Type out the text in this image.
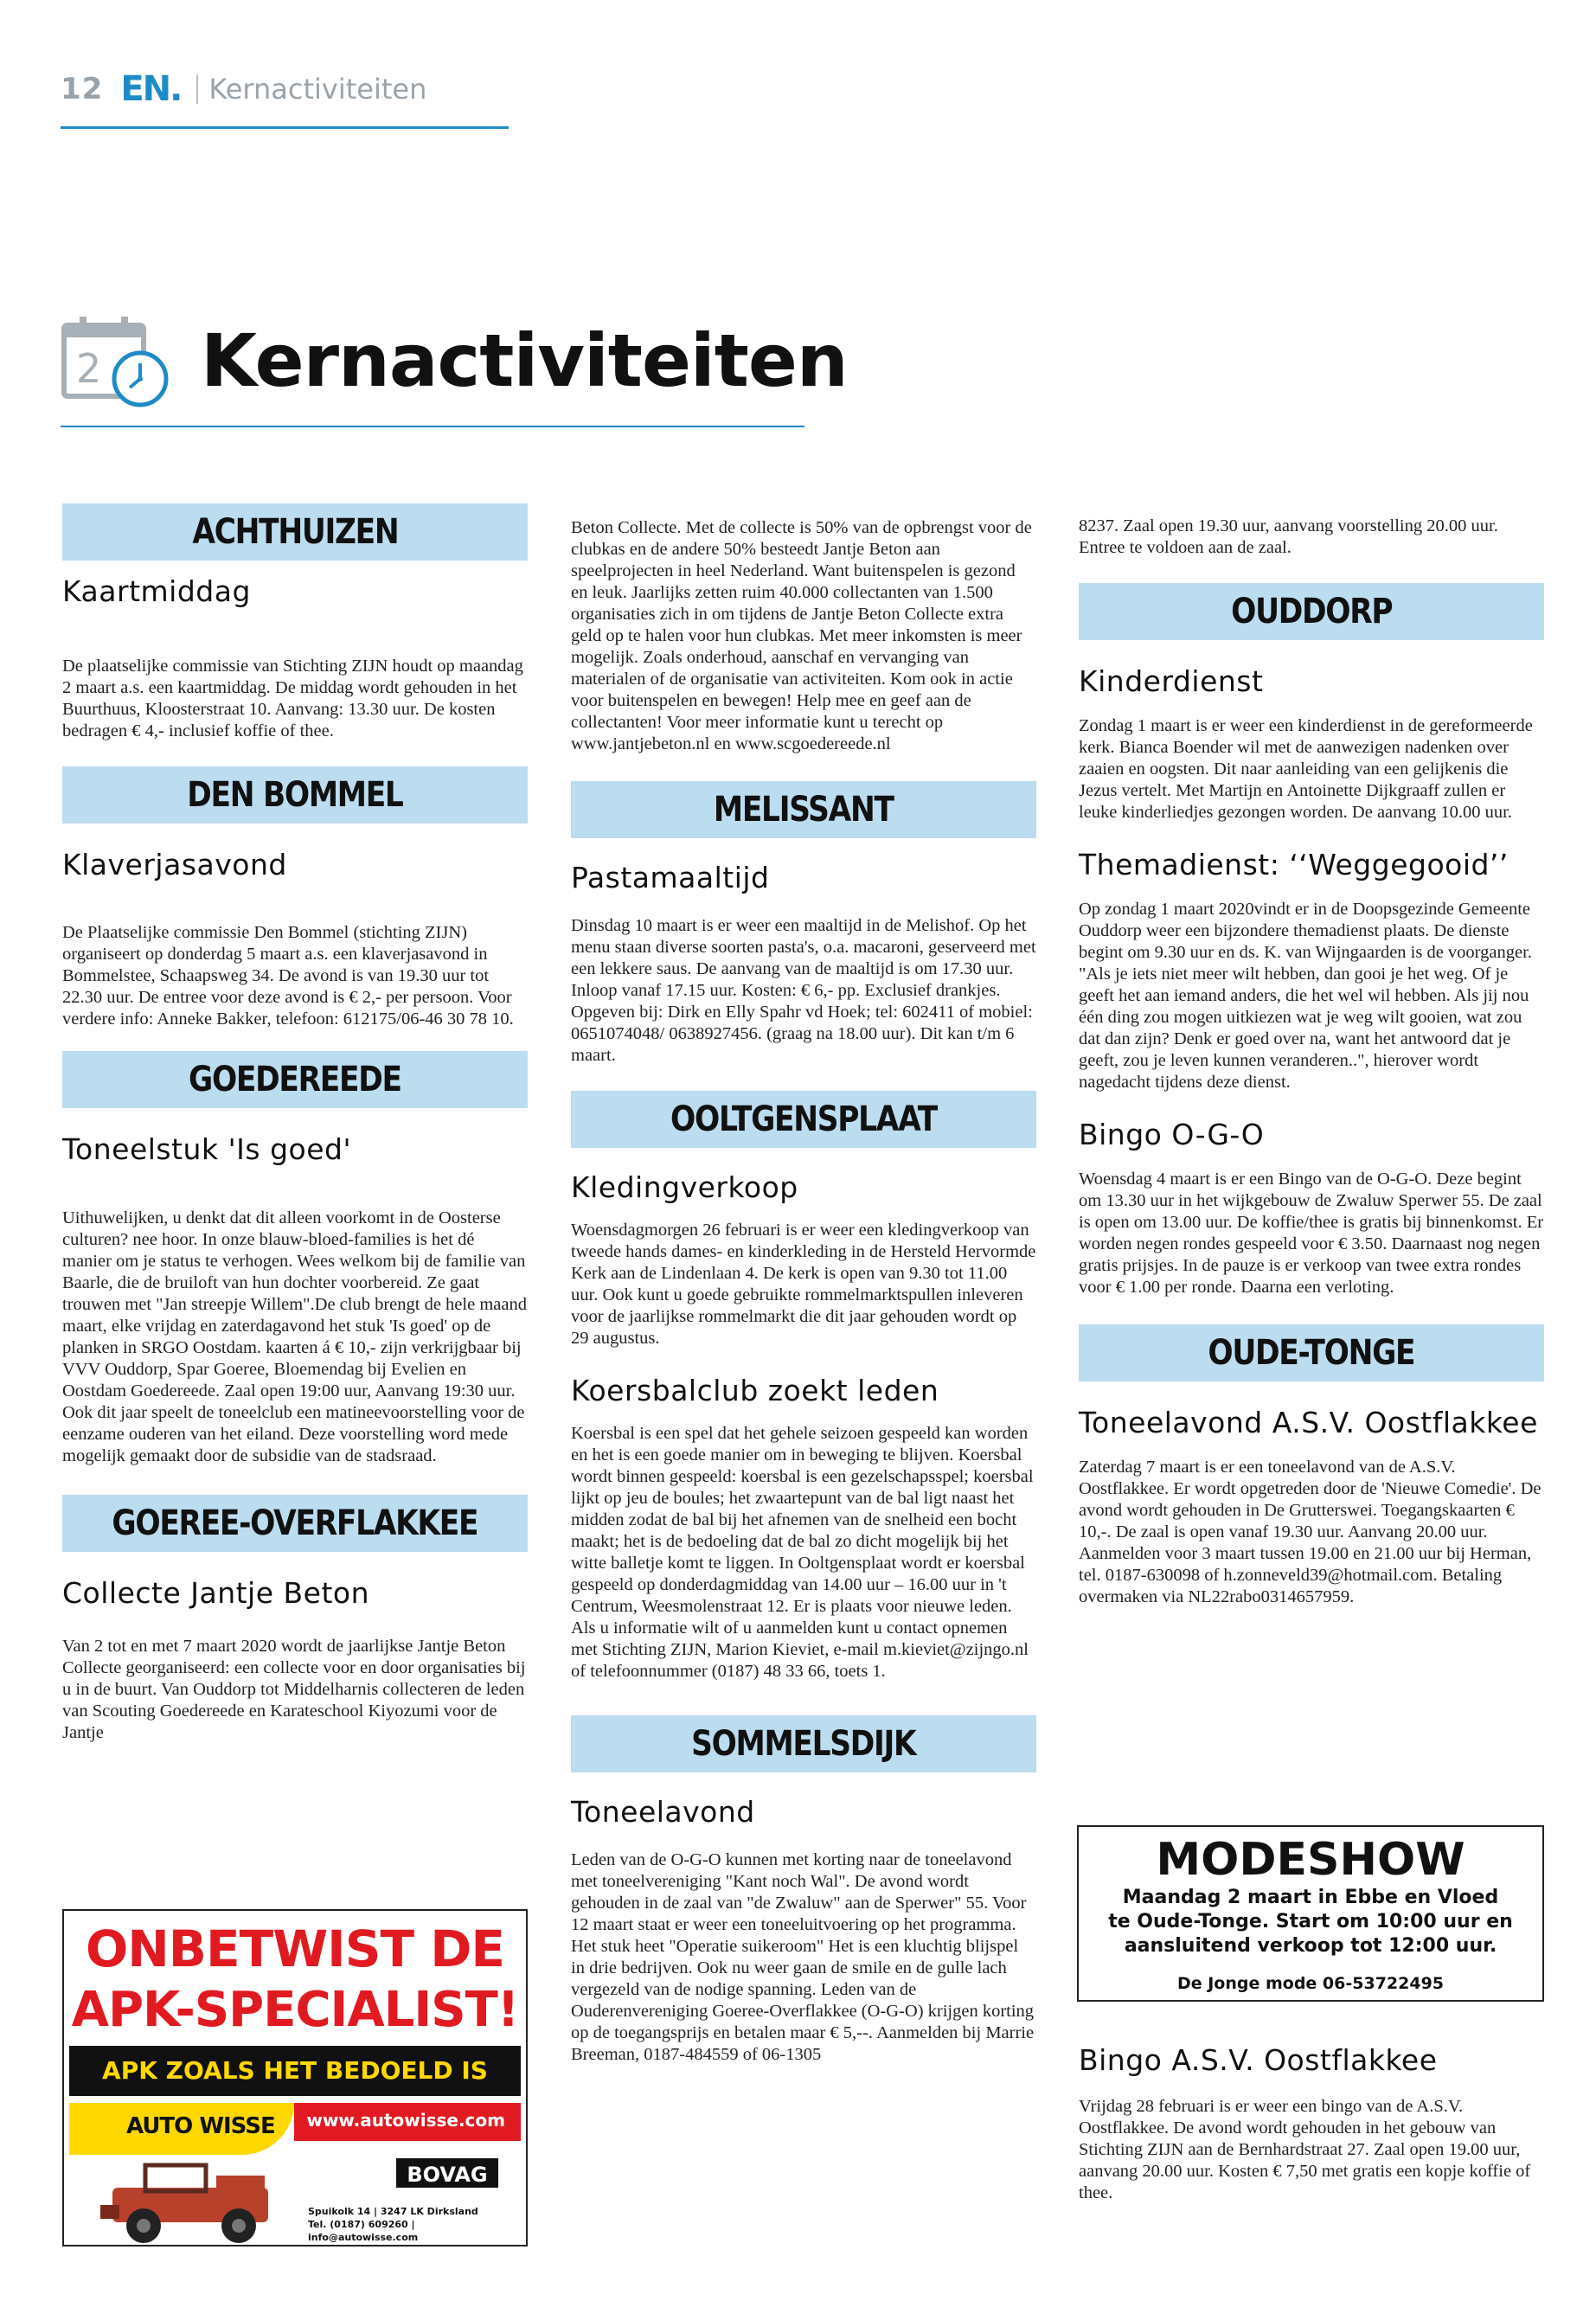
12 EN. Kernactiviteiten
2 Kernactiviteiten
ACHTHUIZEN
Kaartmiddag

De plaatselijke commissie van Stichting ZIJN houdt op maandag 2 maart a.s. een kaartmiddag. De middag wordt gehouden in het Buurthuus, Kloosterstraat 10. Aanvang: 13.30 uur. De kosten bedragen € 4,- inclusief koffie of thee.

DEN BOMMEL
Klaverjasavond

De Plaatselijke commissie Den Bommel (stichting ZIJN) organiseert op donderdag 5 maart a.s. een klaverjasavond in Bommelstee, Schaapsweg 34. De avond is van 19.30 uur tot 22.30 uur. De entree voor deze avond is € 2,- per persoon. Voor verdere info: Anneke Bakker, telefoon: 612175/06-46 30 78 10.

GOEDEREEDE
Toneelstuk 'Is goed'

Uithuwelijken, u denkt dat dit alleen voorkomt in de Oosterse culturen? nee hoor. In onze blauw-bloed-families is het dé manier om je status te verhogen. Wees welkom bij de familie van Baarle, die de bruiloft van hun dochter voorbereid. Ze gaat trouwen met "Jan streepje Willem".De club brengt de hele maand maart, elke vrijdag en zaterdagavond het stuk 'Is goed' op de planken in SRGO Oostdam. kaarten á € 10,- zijn verkrijgbaar bij VVV Ouddorp, Spar Goeree, Bloemendag bij Evelien en Oostdam Goedereede. Zaal open 19:00 uur, Aanvang 19:30 uur. Ook dit jaar speelt de toneelclub een matineevoorstelling voor de eenzame ouderen van het eiland. Deze voorstelling word mede mogelijk gemaakt door de subsidie van de stadsraad.

GOEREE-OVERFLAKKEE
Collecte Jantje Beton

Van 2 tot en met 7 maart 2020 wordt de jaarlijkse Jantje Beton Collecte georganiseerd: een collecte voor en door organisaties bij u in de buurt. Van Ouddorp tot Middelharnis collecteren de leden van Scouting Goedereede en Karateschool Kiyozumi voor de Jantje

Beton Collecte. Met de collecte is 50% van de opbrengst voor de clubkas en de andere 50% besteedt Jantje Beton aan speelprojecten in heel Nederland. Want buitenspelen is gezond en leuk. Jaarlijks zetten ruim 40.000 collectanten van 1.500 organisaties zich in om tijdens de Jantje Beton Collecte extra geld op te halen voor hun clubkas. Met meer inkomsten is meer mogelijk. Zoals onderhoud, aanschaf en vervanging van materialen of de organisatie van activiteiten. Kom ook in actie voor buitenspelen en bewegen! Help mee en geef aan de collectanten! Voor meer informatie kunt u terecht op www.jantjebeton.nl en www.scgoedereede.nl

MELISSANT
Pastamaaltijd

Dinsdag 10 maart is er weer een maaltijd in de Melishof. Op het menu staan diverse soorten pasta's, o.a. macaroni, geserveerd met een lekkere saus. De aanvang van de maaltijd is om 17.30 uur. Inloop vanaf 17.15 uur. Kosten: € 6,- pp. Exclusief drankjes. Opgeven bij: Dirk en Elly Spahr vd Hoek; tel: 602411 of mobiel: 0651074048/ 0638927456. (graag na 18.00 uur). Dit kan t/m 6 maart.

OOLTGENSPLAAT
Kledingverkoop

Woensdagmorgen 26 februari is er weer een kledingverkoop van tweede hands dames- en kinderkleding in de Hersteld Hervormde Kerk aan de Lindenlaan 4. De kerk is open van 9.30 tot 11.00 uur. Ook kunt u goede gebruikte rommelmarktspullen inleveren voor de jaarlijkse rommelmarkt die dit jaar gehouden wordt op 29 augustus.

Koersbalclub zoekt leden

Koersbal is een spel dat het gehele seizoen gespeeld kan worden en het is een goede manier om in beweging te blijven. Koersbal wordt binnen gespeeld: koersbal is een gezelschapsspel; koersbal lijkt op jeu de boules; het zwaartepunt van de bal ligt naast het midden zodat de bal bij het afnemen van de snelheid een bocht maakt; het is de bedoeling dat de bal zo dicht mogelijk bij het witte balletje komt te liggen. In Ooltgensplaat wordt er koersbal gespeeld op donderdagmiddag van 14.00 uur – 16.00 uur in 't Centrum, Weesmolenstraat 12. Er is plaats voor nieuwe leden. Als u informatie wilt of u aanmelden kunt u contact opnemen met Stichting ZIJN, Marion Kieviet, e-mail m.kieviet@zijngo.nl of telefoonnummer (0187) 48 33 66, toets 1.

SOMMELSDIJK
Toneelavond

Leden van de O-G-O kunnen met korting naar de toneelavond met toneelvereniging "Kant noch Wal". De avond wordt gehouden in de zaal van "de Zwaluw" aan de Sperwer" 55. Voor 12 maart staat er weer een toneeluitvoering op het programma. Het stuk heet "Operatie suikeroom" Het is een kluchtig blijspel in drie bedrijven. Ook nu weer gaan de smile en de gulle lach vergezeld van de nodige spanning. Leden van de Ouderenvereniging Goeree-Overflakkee (O-G-O) krijgen korting op de toegangsprijs en betalen maar € 5,--. Aanmelden bij Marrie Breeman, 0187-484559 of 06-1305

8237. Zaal open 19.30 uur, aanvang voorstelling 20.00 uur. Entree te voldoen aan de zaal.

OUDDORP
Kinderdienst

Zondag 1 maart is er weer een kinderdienst in de gereformeerde kerk. Bianca Boender wil met de aanwezigen nadenken over zaaien en oogsten. Dit naar aanleiding van een gelijkenis die Jezus vertelt. Met Martijn en Antoinette Dijkgraaff zullen er leuke kinderliedjes gezongen worden. De aanvang 10.00 uur.

Themadienst: ‘‘Weggegooid’’

Op zondag 1 maart 2020vindt er in de Doopsgezinde Gemeente Ouddorp weer een bijzondere themadienst plaats. De dienste begint om 9.30 uur en ds. K. van Wijngaarden is de voorganger. "Als je iets niet meer wilt hebben, dan gooi je het weg. Of je geeft het aan iemand anders, die het wel wil hebben. Als jij nou één ding zou mogen uitkiezen wat je weg wilt gooien, wat zou dat dan zijn? Denk er goed over na, want het antwoord dat je geeft, zou je leven kunnen veranderen..", hierover wordt nagedacht tijdens deze dienst.

Bingo O-G-O

Woensdag 4 maart is er een Bingo van de O-G-O. Deze begint om 13.30 uur in het wijkgebouw de Zwaluw Sperwer 55. De zaal is open om 13.00 uur. De koffie/thee is gratis bij binnenkomst. Er worden negen rondes gespeeld voor € 3.50. Daarnaast nog negen gratis prijsjes. In de pauze is er verkoop van twee extra rondes voor € 1.00 per ronde. Daarna een verloting.

OUDE-TONGE
Toneelavond A.S.V. Oostflakkee

Zaterdag 7 maart is er een toneelavond van de A.S.V. Oostflakkee. Er wordt opgetreden door de 'Nieuwe Comedie'. De avond wordt gehouden in De Grutterswei. Toegangskaarten € 10,-. De zaal is open vanaf 19.30 uur. Aanvang 20.00 uur. Aanmelden voor 3 maart tussen 19.00 en 21.00 uur bij Herman, tel. 0187-630098 of h.zonneveld39@hotmail.com. Betaling overmaken via NL22rabo0314657959.

Bingo A.S.V. Oostflakkee

Vrijdag 28 februari is er weer een bingo van de A.S.V. Oostflakkee. De avond wordt gehouden in het gebouw van Stichting ZIJN aan de Bernhardstraat 27. Zaal open 19.00 uur, aanvang 20.00 uur. Kosten € 7,50 met gratis een kopje koffie of thee.

ONBETWIST DE
APK-SPECIALIST!
APK ZOALS HET BEDOELD IS
AUTO WISSE www.autowisse.com
BOVAG
Spuikolk 14 | 3247 LK Dirksland
Tel. (0187) 609260 | info@autowisse.com
MODESHOW
Maandag 2 maart in Ebbe en Vloed
te Oude-Tonge. Start om 10:00 uur en
aansluitend verkoop tot 12:00 uur.
De Jonge mode 06-53722495
